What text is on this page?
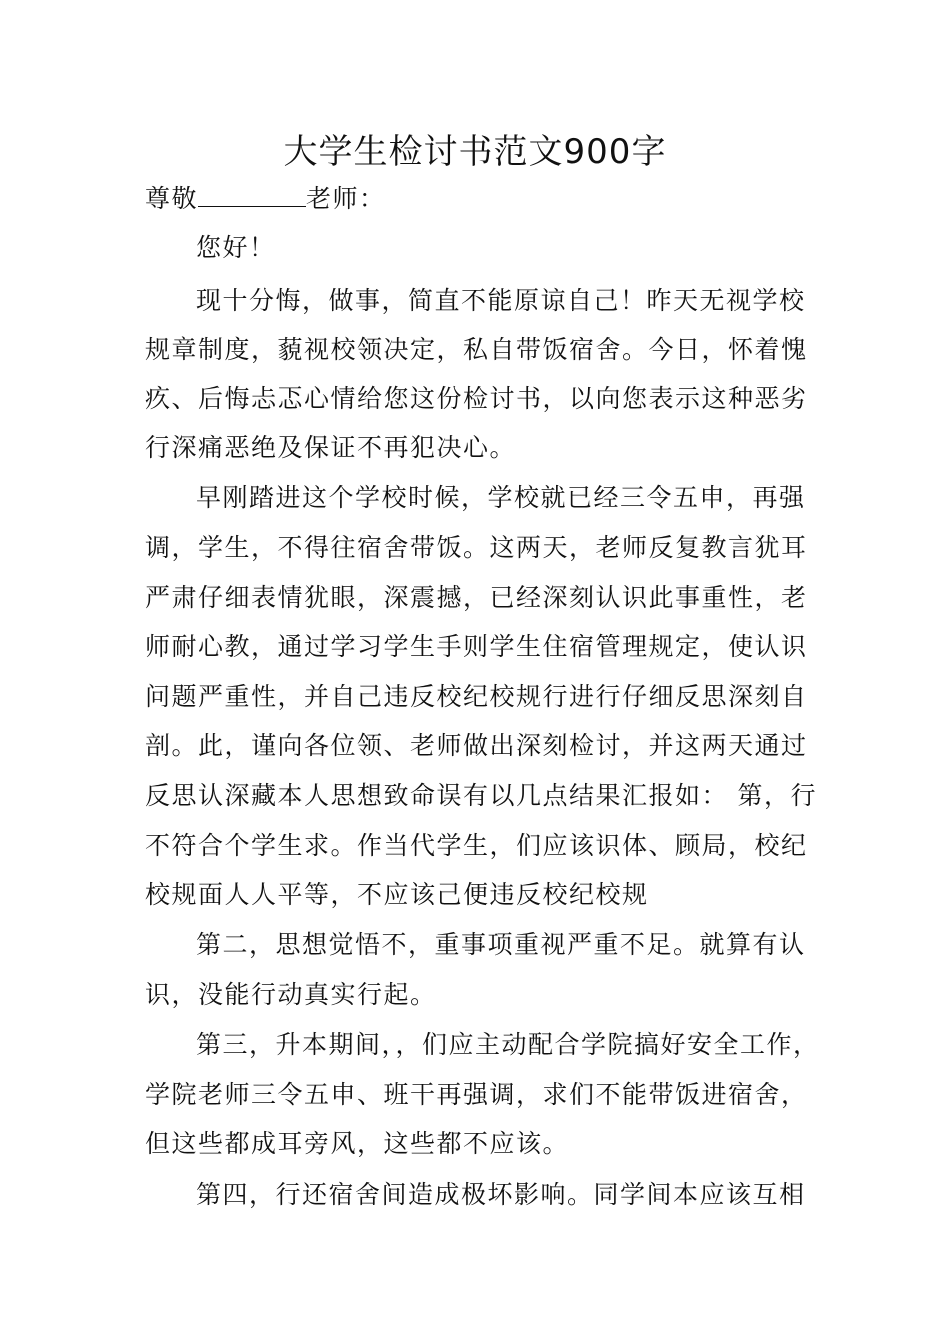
大学生检讨书范文900字
尊敬	老师：
您好！
现十分悔，做事，简直不能原谅自己！昨天无视学校
规章制度，藐视校领决定，私自带饭宿舍。今日，怀着愧
疚、后悔忐忑心情给您这份检讨书，以向您表示这种恶劣
行深痛恶绝及保证不再犯决心。
早刚踏进这个学校时候，学校就已经三令五申，再强
调，学生，不得往宿舍带饭。这两天，老师反复教言犹耳
严肃仔细表情犹眼，深震撼，已经深刻认识此事重性，老
师耐心教，通过学习学生手则学生住宿管理规定，使认识
问题严重性，并自己违反校纪校规行进行仔细反思深刻自
剖。此，谨向各位领、老师做出深刻检讨，并这两天通过
反思认深藏本人思想致命误有以几点结果汇报如： 第，行
不符合个学生求。作当代学生，们应该识体、顾局，校纪
校规面人人平等，不应该己便违反校纪校规
第二，思想觉悟不，重事项重视严重不足。就算有认
识，没能行动真实行起。
第三，升本期间，，们应主动配合学院搞好安全工作，
学院老师三令五申、班干再强调，求们不能带饭进宿舍，
但这些都成耳旁风，这些都不应该。
第四，行还宿舍间造成极坏影响。同学间本应该互相
